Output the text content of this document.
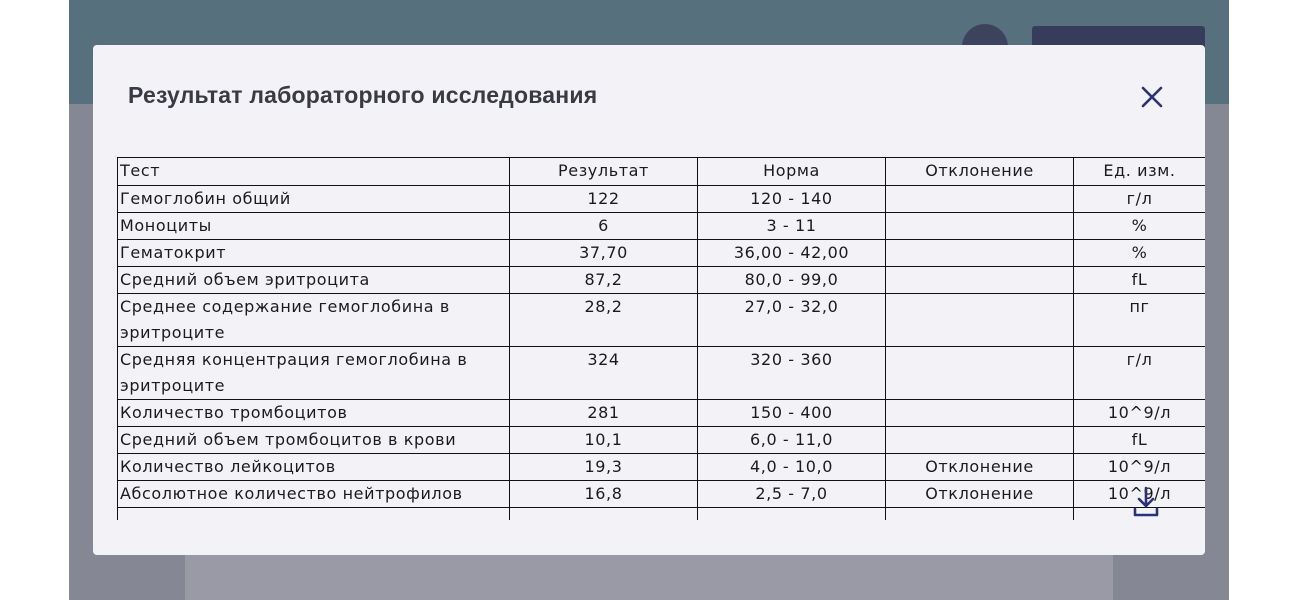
Результат лабораторного исследования
Тест	Результат	Норма	Отклонение	Ед. изм.
Гемоглобин общий	122	120 - 140		г/л
Моноциты	6	3 - 11		%
Гематокрит	37,70	36,00 - 42,00		%
Средний объем эритроцита	87,2	80,0 - 99,0		fL
Среднее содержание гемоглобина в эритроците	28,2	27,0 - 32,0		пг
Средняя концентрация гемоглобина в эритроците	324	320 - 360		г/л
Количество тромбоцитов	281	150 - 400		10^9/л
Средний объем тромбоцитов в крови	10,1	6,0 - 11,0		fL
Количество лейкоцитов	19,3	4,0 - 10,0	Отклонение	10^9/л
Абсолютное количество нейтрофилов	16,8	2,5 - 7,0	Отклонение	10^9/л
